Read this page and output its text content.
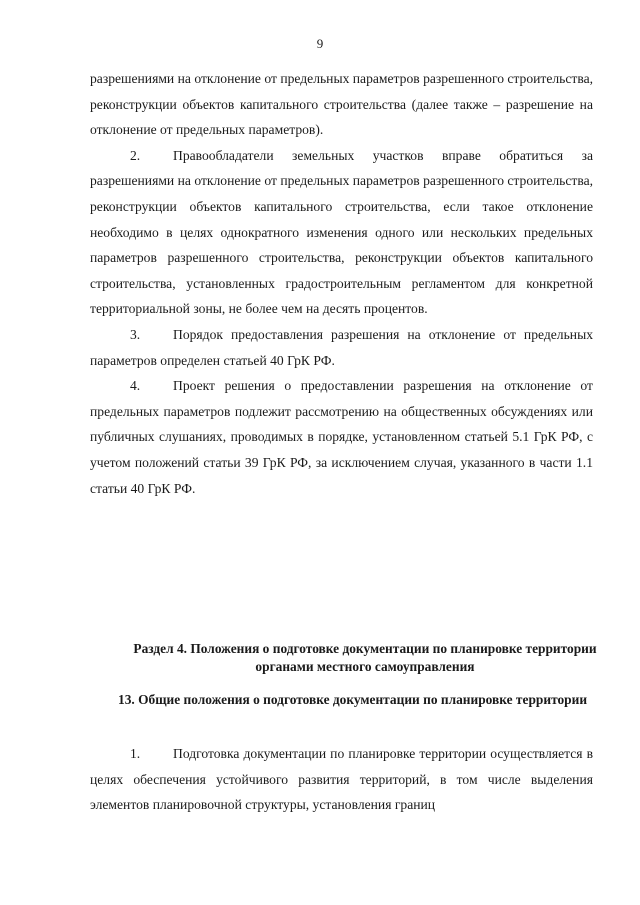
9

разрешениями на отклонение от предельных параметров разрешенного строительства, реконструкции объектов капитального строительства (далее также – разрешение на отклонение от предельных параметров).

2. Правообладатели земельных участков вправе обратиться за разрешениями на отклонение от предельных параметров разрешенного строительства, реконструкции объектов капитального строительства, если такое отклонение необходимо в целях однократного изменения одного или нескольких предельных параметров разрешенного строительства, реконструкции объектов капитального строительства, установленных градостроительным регламентом для конкретной территориальной зоны, не более чем на десять процентов.

3. Порядок предоставления разрешения на отклонение от предельных параметров определен статьей 40 ГрК РФ.

4. Проект решения о предоставлении разрешения на отклонение от предельных параметров подлежит рассмотрению на общественных обсуждениях или публичных слушаниях, проводимых в порядке, установленном статьей 5.1 ГрК РФ, с учетом положений статьи 39 ГрК РФ, за исключением случая, указанного в части 1.1 статьи 40 ГрК РФ.

Раздел 4. Положения о подготовке документации по планировке территории органами местного самоуправления

13. Общие положения о подготовке документации по планировке территории

1. Подготовка документации по планировке территории осуществляется в целях обеспечения устойчивого развития территорий, в том числе выделения элементов планировочной структуры, установления границ
